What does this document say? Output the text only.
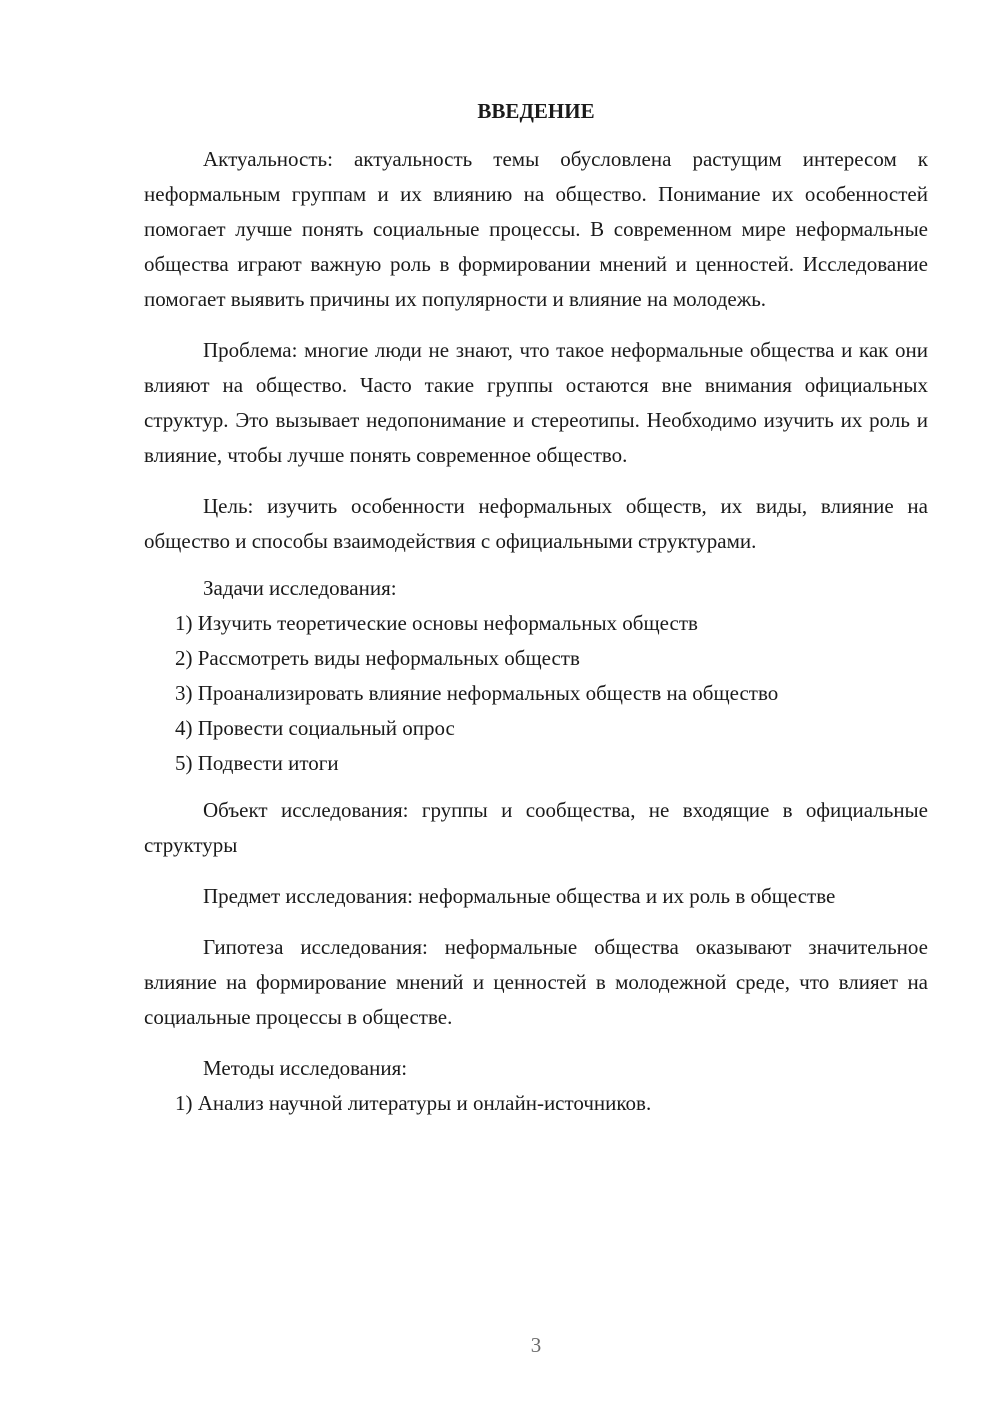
ВВЕДЕНИЕ

Актуальность: актуальность темы обусловлена растущим интересом к неформальным группам и их влиянию на общество. Понимание их особенностей помогает лучше понять социальные процессы. В современном мире неформальные общества играют важную роль в формировании мнений и ценностей. Исследование помогает выявить причины их популярности и влияние на молодежь.

Проблема: многие люди не знают, что такое неформальные общества и как они влияют на общество. Часто такие группы остаются вне внимания официальных структур. Это вызывает недопонимание и стереотипы. Необходимо изучить их роль и влияние, чтобы лучше понять современное общество.

Цель: изучить особенности неформальных обществ, их виды, влияние на общество и способы взаимодействия с официальными структурами.

Задачи исследования:

1) Изучить теоретические основы неформальных обществ

2) Рассмотреть виды неформальных обществ

3) Проанализировать влияние неформальных обществ на общество

4) Провести социальный опрос

5) Подвести итоги

Объект исследования: группы и сообщества, не входящие в официальные структуры

Предмет исследования: неформальные общества и их роль в обществе

Гипотеза исследования: неформальные общества оказывают значительное влияние на формирование мнений и ценностей в молодежной среде, что влияет на социальные процессы в обществе.

Методы исследования:

1) Анализ научной литературы и онлайн-источников.

3
